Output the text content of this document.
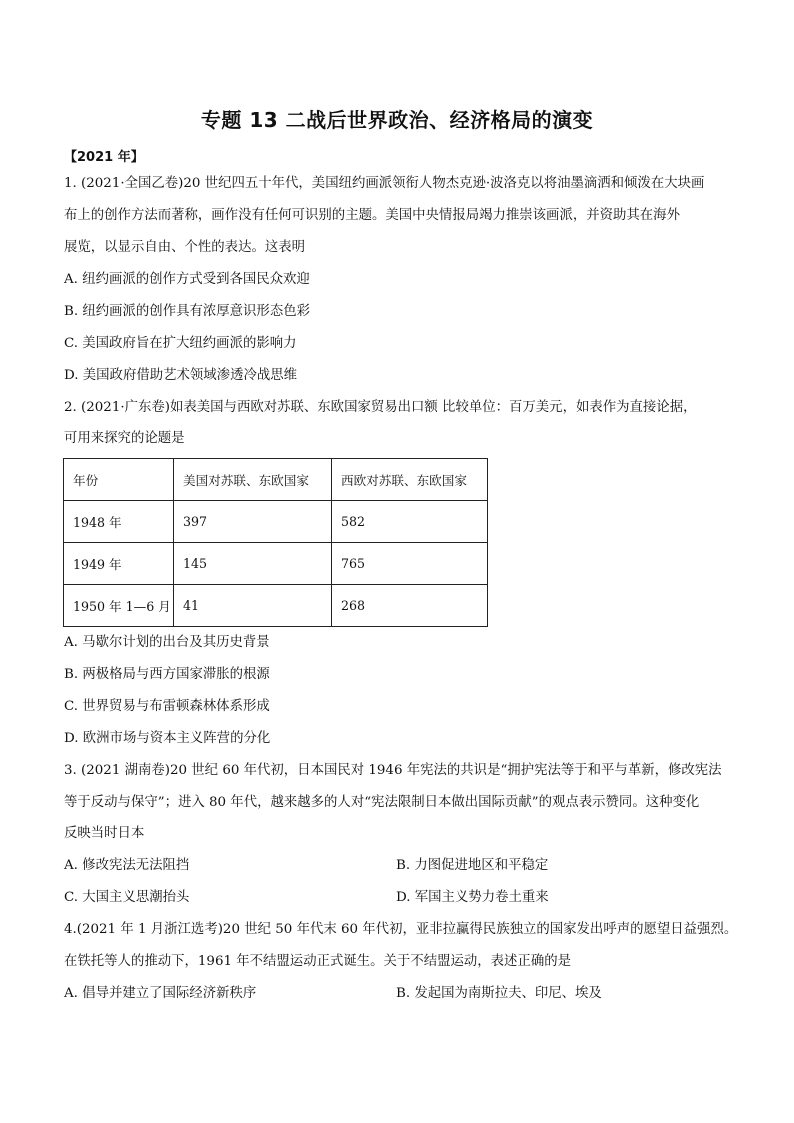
专题 13 二战后世界政治、经济格局的演变
【2021 年】
1. (2021·全国乙卷)20 世纪四五十年代，美国纽约画派领衔人物杰克逊·波洛克以将油墨滴洒和倾泼在大块画
布上的创作方法而著称，画作没有任何可识别的主题。美国中央情报局竭力推崇该画派，并资助其在海外
展览，以显示自由、个性的表达。这表明
A. 纽约画派的创作方式受到各国民众欢迎
B. 纽约画派的创作具有浓厚意识形态色彩
C. 美国政府旨在扩大纽约画派的影响力
D. 美国政府借助艺术领域渗透冷战思维
2. (2021·广东卷)如表美国与西欧对苏联、东欧国家贸易出口额 比较单位：百万美元，如表作为直接论据，
可用来探究的论题是
年份	美国对苏联、东欧国家	西欧对苏联、东欧国家
1948 年	397	582
1949 年	145	765
1950 年 1—6 月	41	268
A. 马歇尔计划的出台及其历史背景
B. 两极格局与西方国家滞胀的根源
C. 世界贸易与布雷顿森林体系形成
D. 欧洲市场与资本主义阵营的分化
3. (2021 湖南卷)20 世纪 60 年代初，日本国民对 1946 年宪法的共识是“拥护宪法等于和平与革新，修改宪法
等于反动与保守”；进入 80 年代，越来越多的人对“宪法限制日本做出国际贡献”的观点表示赞同。这种变化
反映当时日本
A. 修改宪法无法阻挡	B. 力图促进地区和平稳定
C. 大国主义思潮抬头	D. 军国主义势力卷土重来
4.(2021 年 1 月浙江选考)20 世纪 50 年代末 60 年代初，亚非拉赢得民族独立的国家发出呼声的愿望日益强烈。
在铁托等人的推动下，1961 年不结盟运动正式诞生。关于不结盟运动，表述正确的是
A. 倡导并建立了国际经济新秩序	B. 发起国为南斯拉夫、印尼、埃及
